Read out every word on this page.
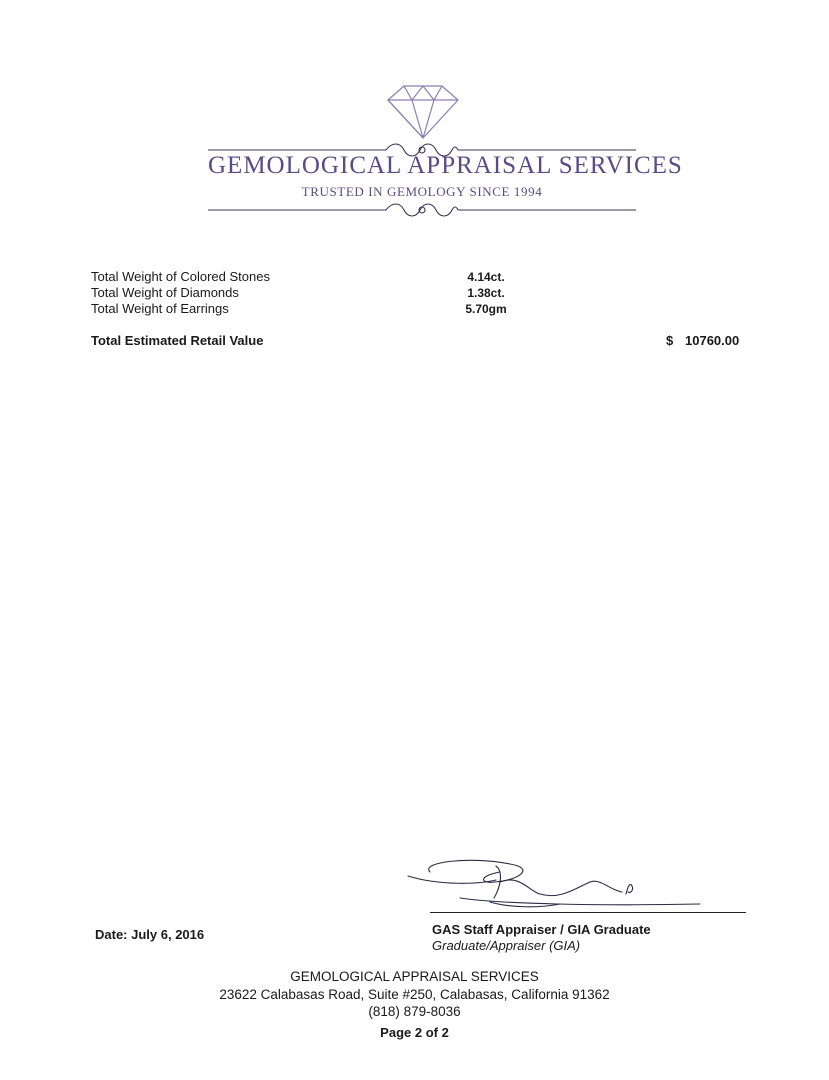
GEMOLOGICAL APPRAISAL SERVICES
TRUSTED IN GEMOLOGY SINCE 1994
Total Weight of Colored Stones	4.14ct.
Total Weight of Diamonds	1.38ct.
Total Weight of Earrings	5.70gm
Total Estimated Retail Value	$ 10760.00
Date: July 6, 2016	GAS Staff Appraiser / GIA Graduate
Graduate/Appraiser (GIA)
GEMOLOGICAL APPRAISAL SERVICES
23622 Calabasas Road, Suite #250, Calabasas, California 91362
(818) 879-8036
Page 2 of 2
